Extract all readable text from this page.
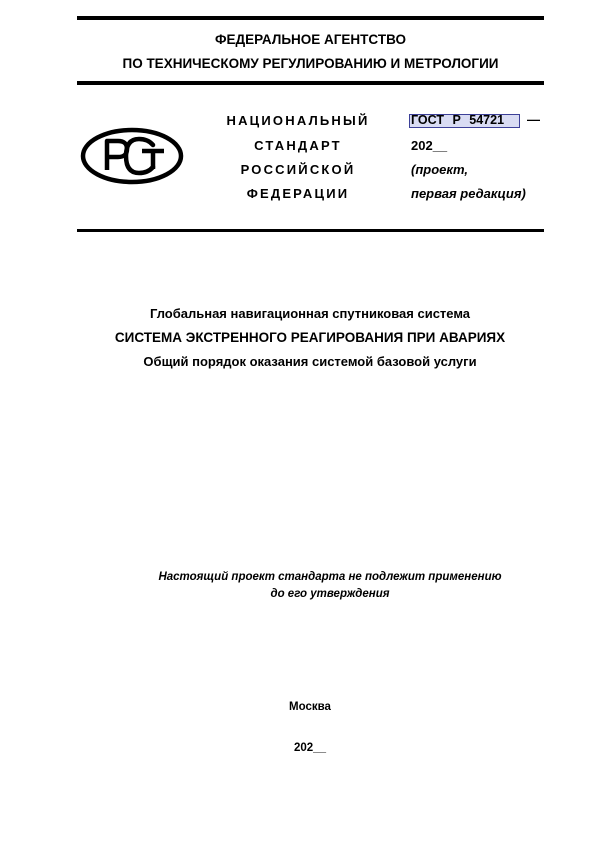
ФЕДЕРАЛЬНОЕ АГЕНТСТВО
ПО ТЕХНИЧЕСКОМУ РЕГУЛИРОВАНИЮ И МЕТРОЛОГИИ
НАЦИОНАЛЬНЫЙ
СТАНДАРТ
РОССИЙСКОЙ
ФЕДЕРАЦИИ
ГОСТ Р 54721 —
202__
(проект,
первая редакция)
Глобальная навигационная спутниковая система
СИСТЕМА ЭКСТРЕННОГО РЕАГИРОВАНИЯ ПРИ АВАРИЯХ
Общий порядок оказания системой базовой услуги
Настоящий проект стандарта не подлежит применению
до его утверждения
Москва
202__
